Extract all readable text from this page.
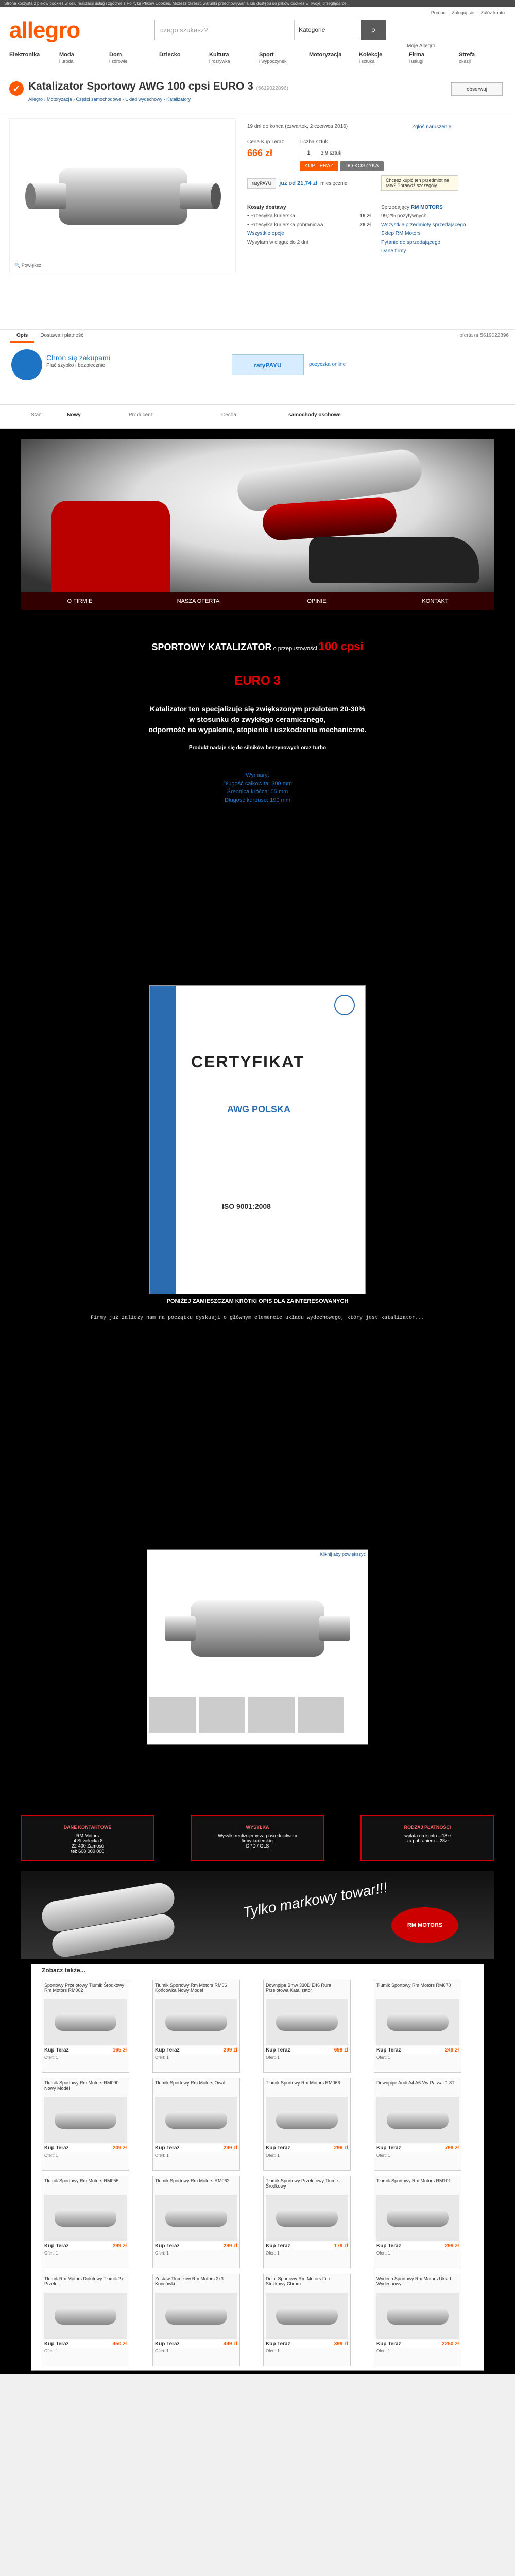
Strona korzysta z plików cookies w celu realizacji usług i zgodnie z Polityką Plików Cookies. Możesz określić warunki przechowywania lub dostępu do plików cookies w Twojej przeglądarce.
allegro
Pomoc Zaloguj się Załóż konto
czego szukasz?	Kategorie	⌕
Moje Allegro
Elektronika	Moda
i uroda
Dom
i zdrowie
Dziecko	Kultura
i rozrywka
Sport
i wypoczynek
Motoryzacja	Kolekcje
i sztuka
Firma
i usługi
Strefa
okazji
✓ Katalizator Sportowy AWG 100 cpsi EURO 3 (5619022896)
Allegro › Motoryzacja › Części samochodowe › Układ wydechowy › Katalizatory
obserwuj
🔍 Powiększ
19 dni do końca (czwartek, 2 czerwca 2016)	Zgłoś naruszenie
Cena Kup Teraz
666 zł
Liczba sztuk
1	z 9 sztuk
KUP TERAZ DO KOSZYKA
ratyPAYU	już od 21,74 zł miesięcznie
Chcesz kupić ten przedmiot na raty? Sprawdź szczegóły
Koszty dostawy
• Przesyłka kurierska	18 zł
• Przesyłka kurierska pobraniowa	28 zł
Wszystkie opcje
Wysyłam w ciągu: do 2 dni
Sprzedający RM MOTORS
99,2% pozytywnych
Wszystkie przedmioty sprzedającego
Sklep RM Motors
Pytanie do sprzedającego
Dane firmy
Opis	Dostawa i płatność	oferta nr 5619022896
Chroń się zakupami
Płać szybko i bezpiecznie	ratyPAYU	pożyczka online
Stan:	Nowy	Producent:	Cecha:	samochody osobowe
O FIRMIE	NASZA OFERTA	OPINIE	KONTAKT
SPORTOWY KATALIZATOR o przepustowości 100 cpsi
EURO 3
Katalizator ten specjalizuje się zwiększonym przelotem 20-30%
w stosunku do zwykłego ceramicznego,
odporność na wypalenie, stopienie i uszkodzenia mechaniczne.
Produkt nadaje się do silników benzynowych oraz turbo
Wymiary:
Długość całkowita: 300 mm
Średnica króćca: 55 mm
Długość korpusu: 190 mm
CERTYFIKAT
AWG POLSKA
ISO 9001:2008
PONIŻEJ ZAMIESZCZAM KRÓTKI OPIS DLA ZAINTERESOWANYCH
Firmy już zaliczy nam na początku dyskusji o głównym elemencie układu wydechowego, który jest katalizator...
Kliknij aby powiększyć
DANE KONTAKTOWE
RM Motors
ul.Strzelecka 8
22-400 Zamość
tel: 608 000 000
WYSYŁKA
Wysyłki realizujemy za pośrednictwem
firmy kurierskiej
DPD / GLS
RODZAJ PŁATNOŚCI
wpłata na konto – 18zł
za pobraniem – 28zł
Tylko markowy towar!!!
RM MOTORS
Zobacz także...
Sportowy Przelotowy Tłumik Środkowy Rm Motors RM002
Kup Teraz	165 zł
Ofert: 1
Tłumik Sportowy Rm Motors RM06 Końcówka Nowy Model
Kup Teraz	299 zł
Ofert: 1
Downpipe Bmw 330D E46 Rura Przelotowa Katalizator
Kup Teraz	699 zł
Ofert: 1
Tłumik Sportowy Rm Motors RM070
Kup Teraz	249 zł
Ofert: 1
Tłumik Sportowy Rm Motors RM090 Nowy Model
Kup Teraz	249 zł
Ofert: 1
Tłumik Sportowy Rm Motors Owal
Kup Teraz	299 zł
Ofert: 1
Tłumik Sportowy Rm Motors RM066
Kup Teraz	299 zł
Ofert: 1
Downpipe Audi A4 A6 Vw Passat 1.8T
Kup Teraz	799 zł
Ofert: 1
Tłumik Sportowy Rm Motors RM055
Kup Teraz	299 zł
Ofert: 1
Tłumik Sportowy Rm Motors RM062
Kup Teraz	299 zł
Ofert: 1
Tłumik Sportowy Przelotowy Tłumik Środkowy
Kup Teraz	179 zł
Ofert: 1
Tłumik Sportowy Rm Motors RM101
Kup Teraz	299 zł
Ofert: 1
Tłumik Rm Motors Dolotowy Tłumik 2x Przelot
Kup Teraz	450 zł
Ofert: 1
Zestaw Tłumików Rm Motors 2x3 Końcówki
Kup Teraz	499 zł
Ofert: 1
Dolot Sportowy Rm Motors Filtr Stożkowy Chrom
Kup Teraz	399 zł
Ofert: 1
Wydech Sportowy Rm Motors Układ Wydechowy
Kup Teraz	2250 zł
Ofert: 1
